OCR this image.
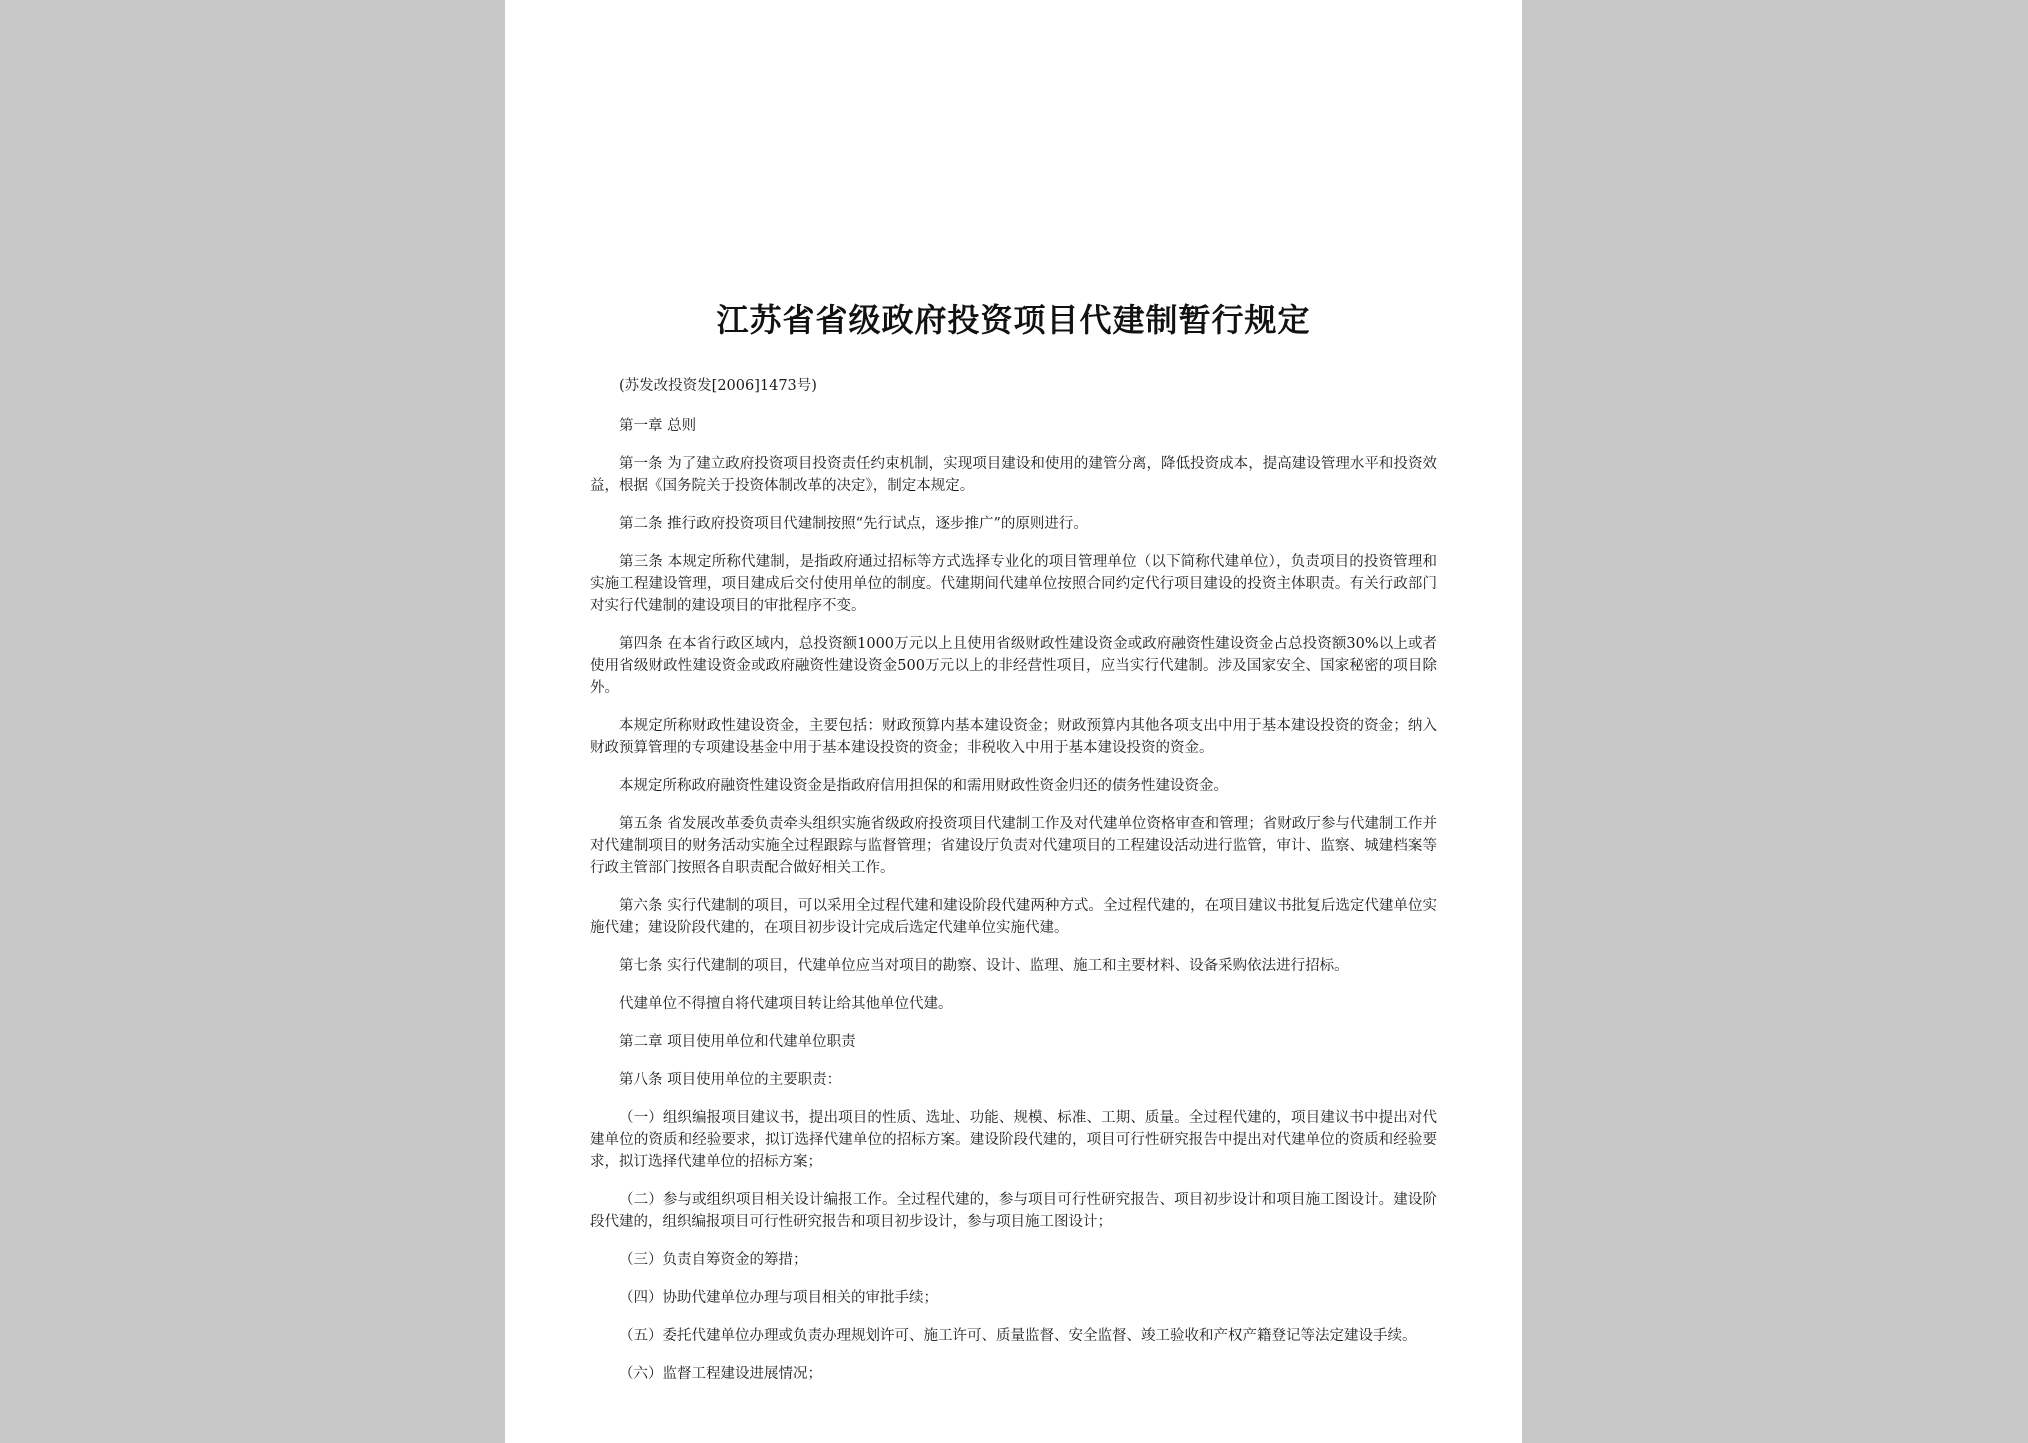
江苏省省级政府投资项目代建制暂行规定

(苏发改投资发[2006]1473号)

第一章 总则

第一条 为了建立政府投资项目投资责任约束机制，实现项目建设和使用的建管分离，降低投资成本，提高建设管理水平和投资效益，根据《国务院关于投资体制改革的决定》，制定本规定。

第二条 推行政府投资项目代建制按照“先行试点，逐步推广”的原则进行。

第三条 本规定所称代建制，是指政府通过招标等方式选择专业化的项目管理单位（以下简称代建单位），负责项目的投资管理和实施工程建设管理，项目建成后交付使用单位的制度。代建期间代建单位按照合同约定代行项目建设的投资主体职责。有关行政部门对实行代建制的建设项目的审批程序不变。

第四条 在本省行政区域内，总投资额1000万元以上且使用省级财政性建设资金或政府融资性建设资金占总投资额30%以上或者使用省级财政性建设资金或政府融资性建设资金500万元以上的非经营性项目，应当实行代建制。涉及国家安全、国家秘密的项目除外。

本规定所称财政性建设资金，主要包括：财政预算内基本建设资金；财政预算内其他各项支出中用于基本建设投资的资金；纳入财政预算管理的专项建设基金中用于基本建设投资的资金；非税收入中用于基本建设投资的资金。

本规定所称政府融资性建设资金是指政府信用担保的和需用财政性资金归还的债务性建设资金。

第五条 省发展改革委负责牵头组织实施省级政府投资项目代建制工作及对代建单位资格审查和管理；省财政厅参与代建制工作并对代建制项目的财务活动实施全过程跟踪与监督管理；省建设厅负责对代建项目的工程建设活动进行监管，审计、监察、城建档案等行政主管部门按照各自职责配合做好相关工作。

第六条 实行代建制的项目，可以采用全过程代建和建设阶段代建两种方式。全过程代建的，在项目建议书批复后选定代建单位实施代建；建设阶段代建的，在项目初步设计完成后选定代建单位实施代建。

第七条 实行代建制的项目，代建单位应当对项目的勘察、设计、监理、施工和主要材料、设备采购依法进行招标。

代建单位不得擅自将代建项目转让给其他单位代建。

第二章 项目使用单位和代建单位职责

第八条 项目使用单位的主要职责：

（一）组织编报项目建议书，提出项目的性质、选址、功能、规模、标准、工期、质量。全过程代建的，项目建议书中提出对代建单位的资质和经验要求，拟订选择代建单位的招标方案。建设阶段代建的，项目可行性研究报告中提出对代建单位的资质和经验要求，拟订选择代建单位的招标方案；

（二）参与或组织项目相关设计编报工作。全过程代建的，参与项目可行性研究报告、项目初步设计和项目施工图设计。建设阶段代建的，组织编报项目可行性研究报告和项目初步设计，参与项目施工图设计；

（三）负责自筹资金的筹措；

（四）协助代建单位办理与项目相关的审批手续；

（五）委托代建单位办理或负责办理规划许可、施工许可、质量监督、安全监督、竣工验收和产权产籍登记等法定建设手续。

（六）监督工程建设进展情况；
